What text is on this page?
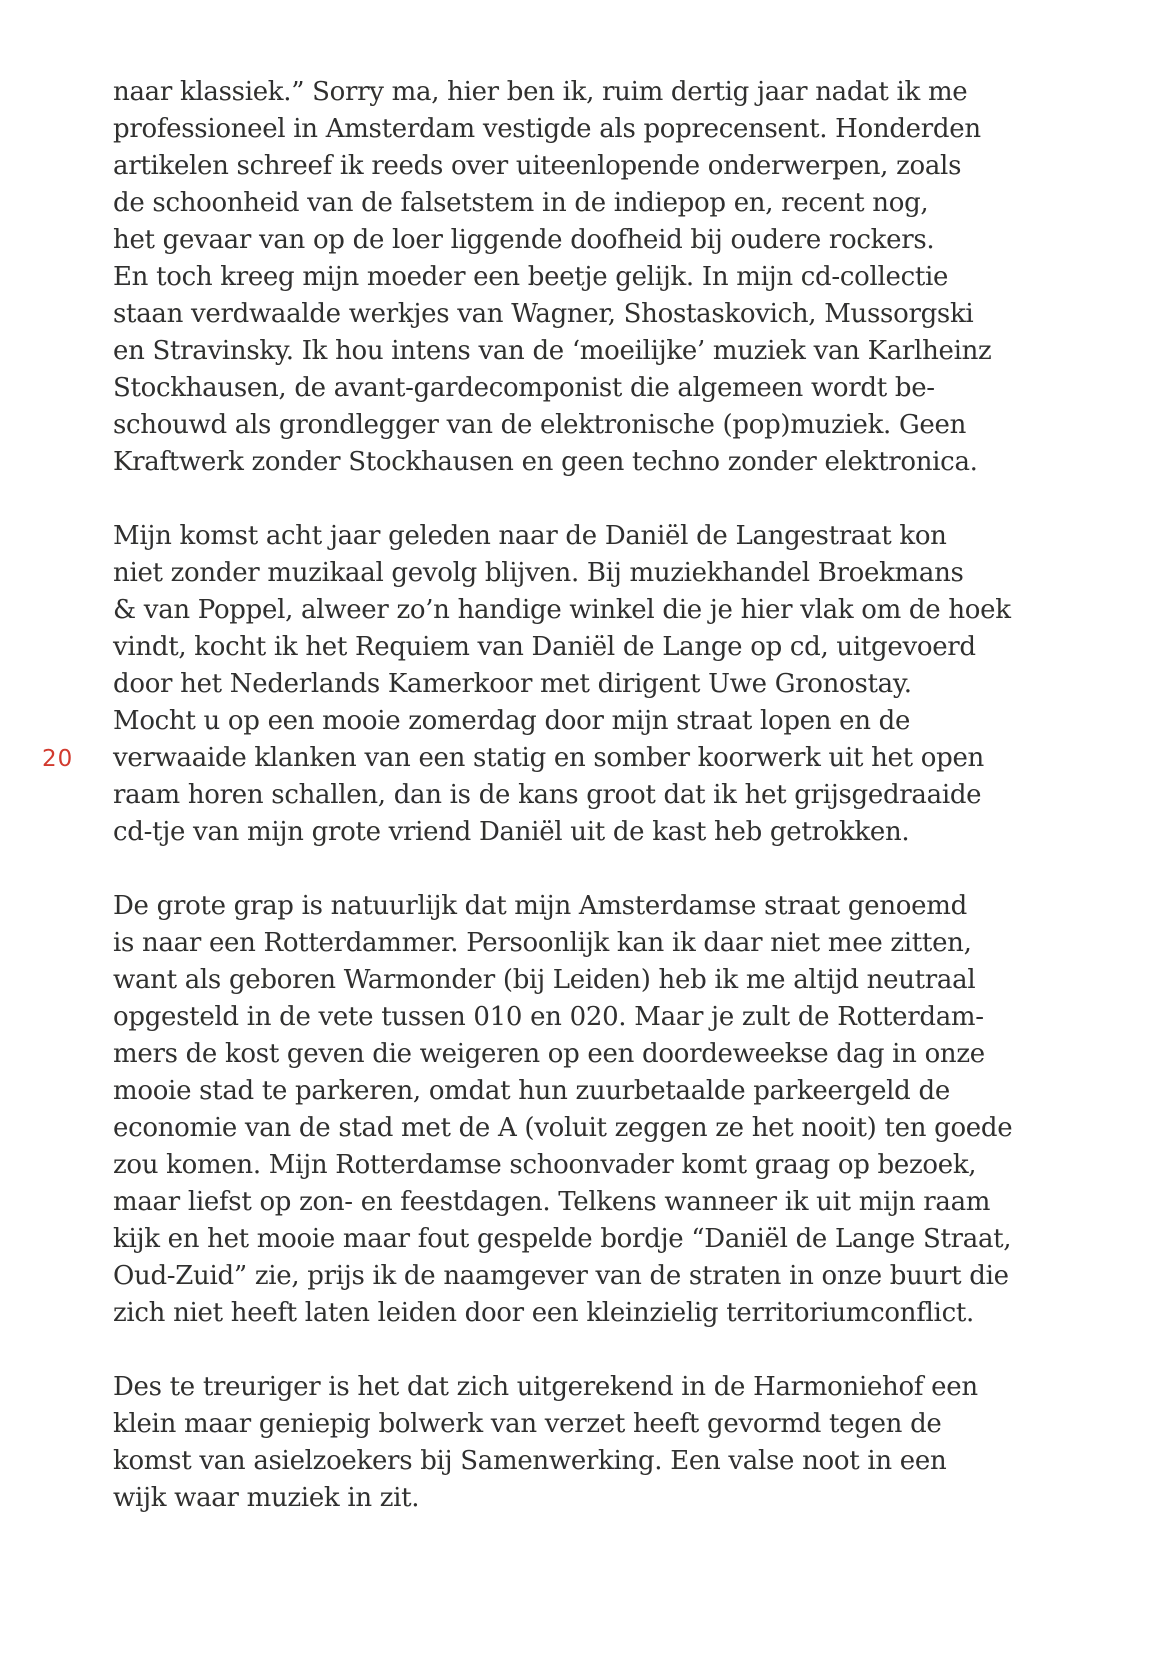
20

naar klassiek.” Sorry ma, hier ben ik, ruim dertig jaar nadat ik me
professioneel in Amsterdam vestigde als poprecensent. Honderden
artikelen schreef ik reeds over uiteenlopende onderwerpen, zoals
de schoonheid van de falsetstem in de indiepop en, recent nog,
het gevaar van op de loer liggende doofheid bij oudere rockers.
En toch kreeg mijn moeder een beetje gelijk. In mijn cd-collectie
staan verdwaalde werkjes van Wagner, Shostaskovich, Mussorgski
en Stravinsky. Ik hou intens van de ‘moeilijke’ muziek van Karlheinz
Stockhausen, de avant-gardecomponist die algemeen wordt be-
schouwd als grondlegger van de elektronische (pop)muziek. Geen
Kraftwerk zonder Stockhausen en geen techno zonder elektronica.

Mijn komst acht jaar geleden naar de Daniël de Langestraat kon
niet zonder muzikaal gevolg blijven. Bij muziekhandel Broekmans
& van Poppel, alweer zo’n handige winkel die je hier vlak om de hoek
vindt, kocht ik het Requiem van Daniël de Lange op cd, uitgevoerd
door het Nederlands Kamerkoor met dirigent Uwe Gronostay.
Mocht u op een mooie zomerdag door mijn straat lopen en de
verwaaide klanken van een statig en somber koorwerk uit het open
raam horen schallen, dan is de kans groot dat ik het grijsgedraaide
cd-tje van mijn grote vriend Daniël uit de kast heb getrokken.

De grote grap is natuurlijk dat mijn Amsterdamse straat genoemd
is naar een Rotterdammer. Persoonlijk kan ik daar niet mee zitten,
want als geboren Warmonder (bij Leiden) heb ik me altijd neutraal
opgesteld in de vete tussen 010 en 020. Maar je zult de Rotterdam-
mers de kost geven die weigeren op een doordeweekse dag in onze
mooie stad te parkeren, omdat hun zuurbetaalde parkeergeld de
economie van de stad met de A (voluit zeggen ze het nooit) ten goede
zou komen. Mijn Rotterdamse schoonvader komt graag op bezoek,
maar liefst op zon- en feestdagen. Telkens wanneer ik uit mijn raam
kijk en het mooie maar fout gespelde bordje “Daniël de Lange Straat,
Oud-Zuid” zie, prijs ik de naamgever van de straten in onze buurt die
zich niet heeft laten leiden door een kleinzielig territoriumconflict.

Des te treuriger is het dat zich uitgerekend in de Harmoniehof een
klein maar geniepig bolwerk van verzet heeft gevormd tegen de
komst van asielzoekers bij Samenwerking. Een valse noot in een
wijk waar muziek in zit.
